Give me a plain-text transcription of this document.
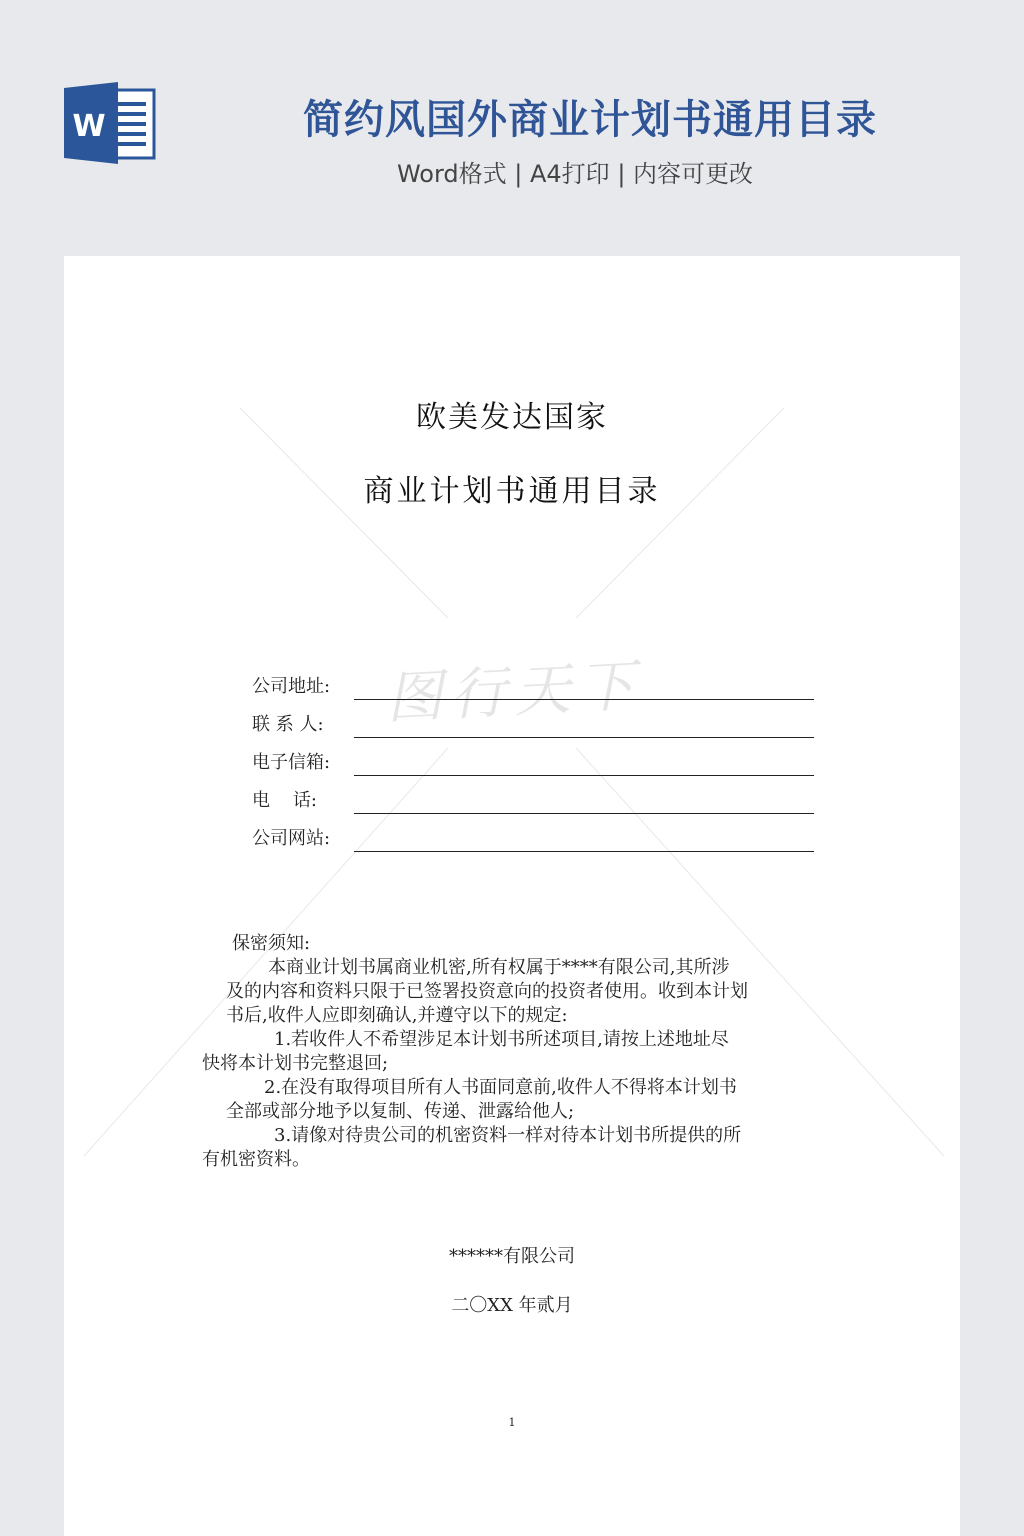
W	简约风国外商业计划书通用目录
Word格式 | A4打印 | 内容可更改
图行天下
欧美发达国家
商业计划书通用目录
公司地址:
联 系 人:
电子信箱:
电    话:
公司网站:
保密须知:
本商业计划书属商业机密,所有权属于****有限公司,其所涉
及的内容和资料只限于已签署投资意向的投资者使用。收到本计划
书后,收件人应即刻确认,并遵守以下的规定:
1.若收件人不希望涉足本计划书所述项目,请按上述地址尽
快将本计划书完整退回;
2.在没有取得项目所有人书面同意前,收件人不得将本计划书
全部或部分地予以复制、传递、泄露给他人;
3.请像对待贵公司的机密资料一样对待本计划书所提供的所
有机密资料。
******有限公司
二〇XX 年贰月
1
